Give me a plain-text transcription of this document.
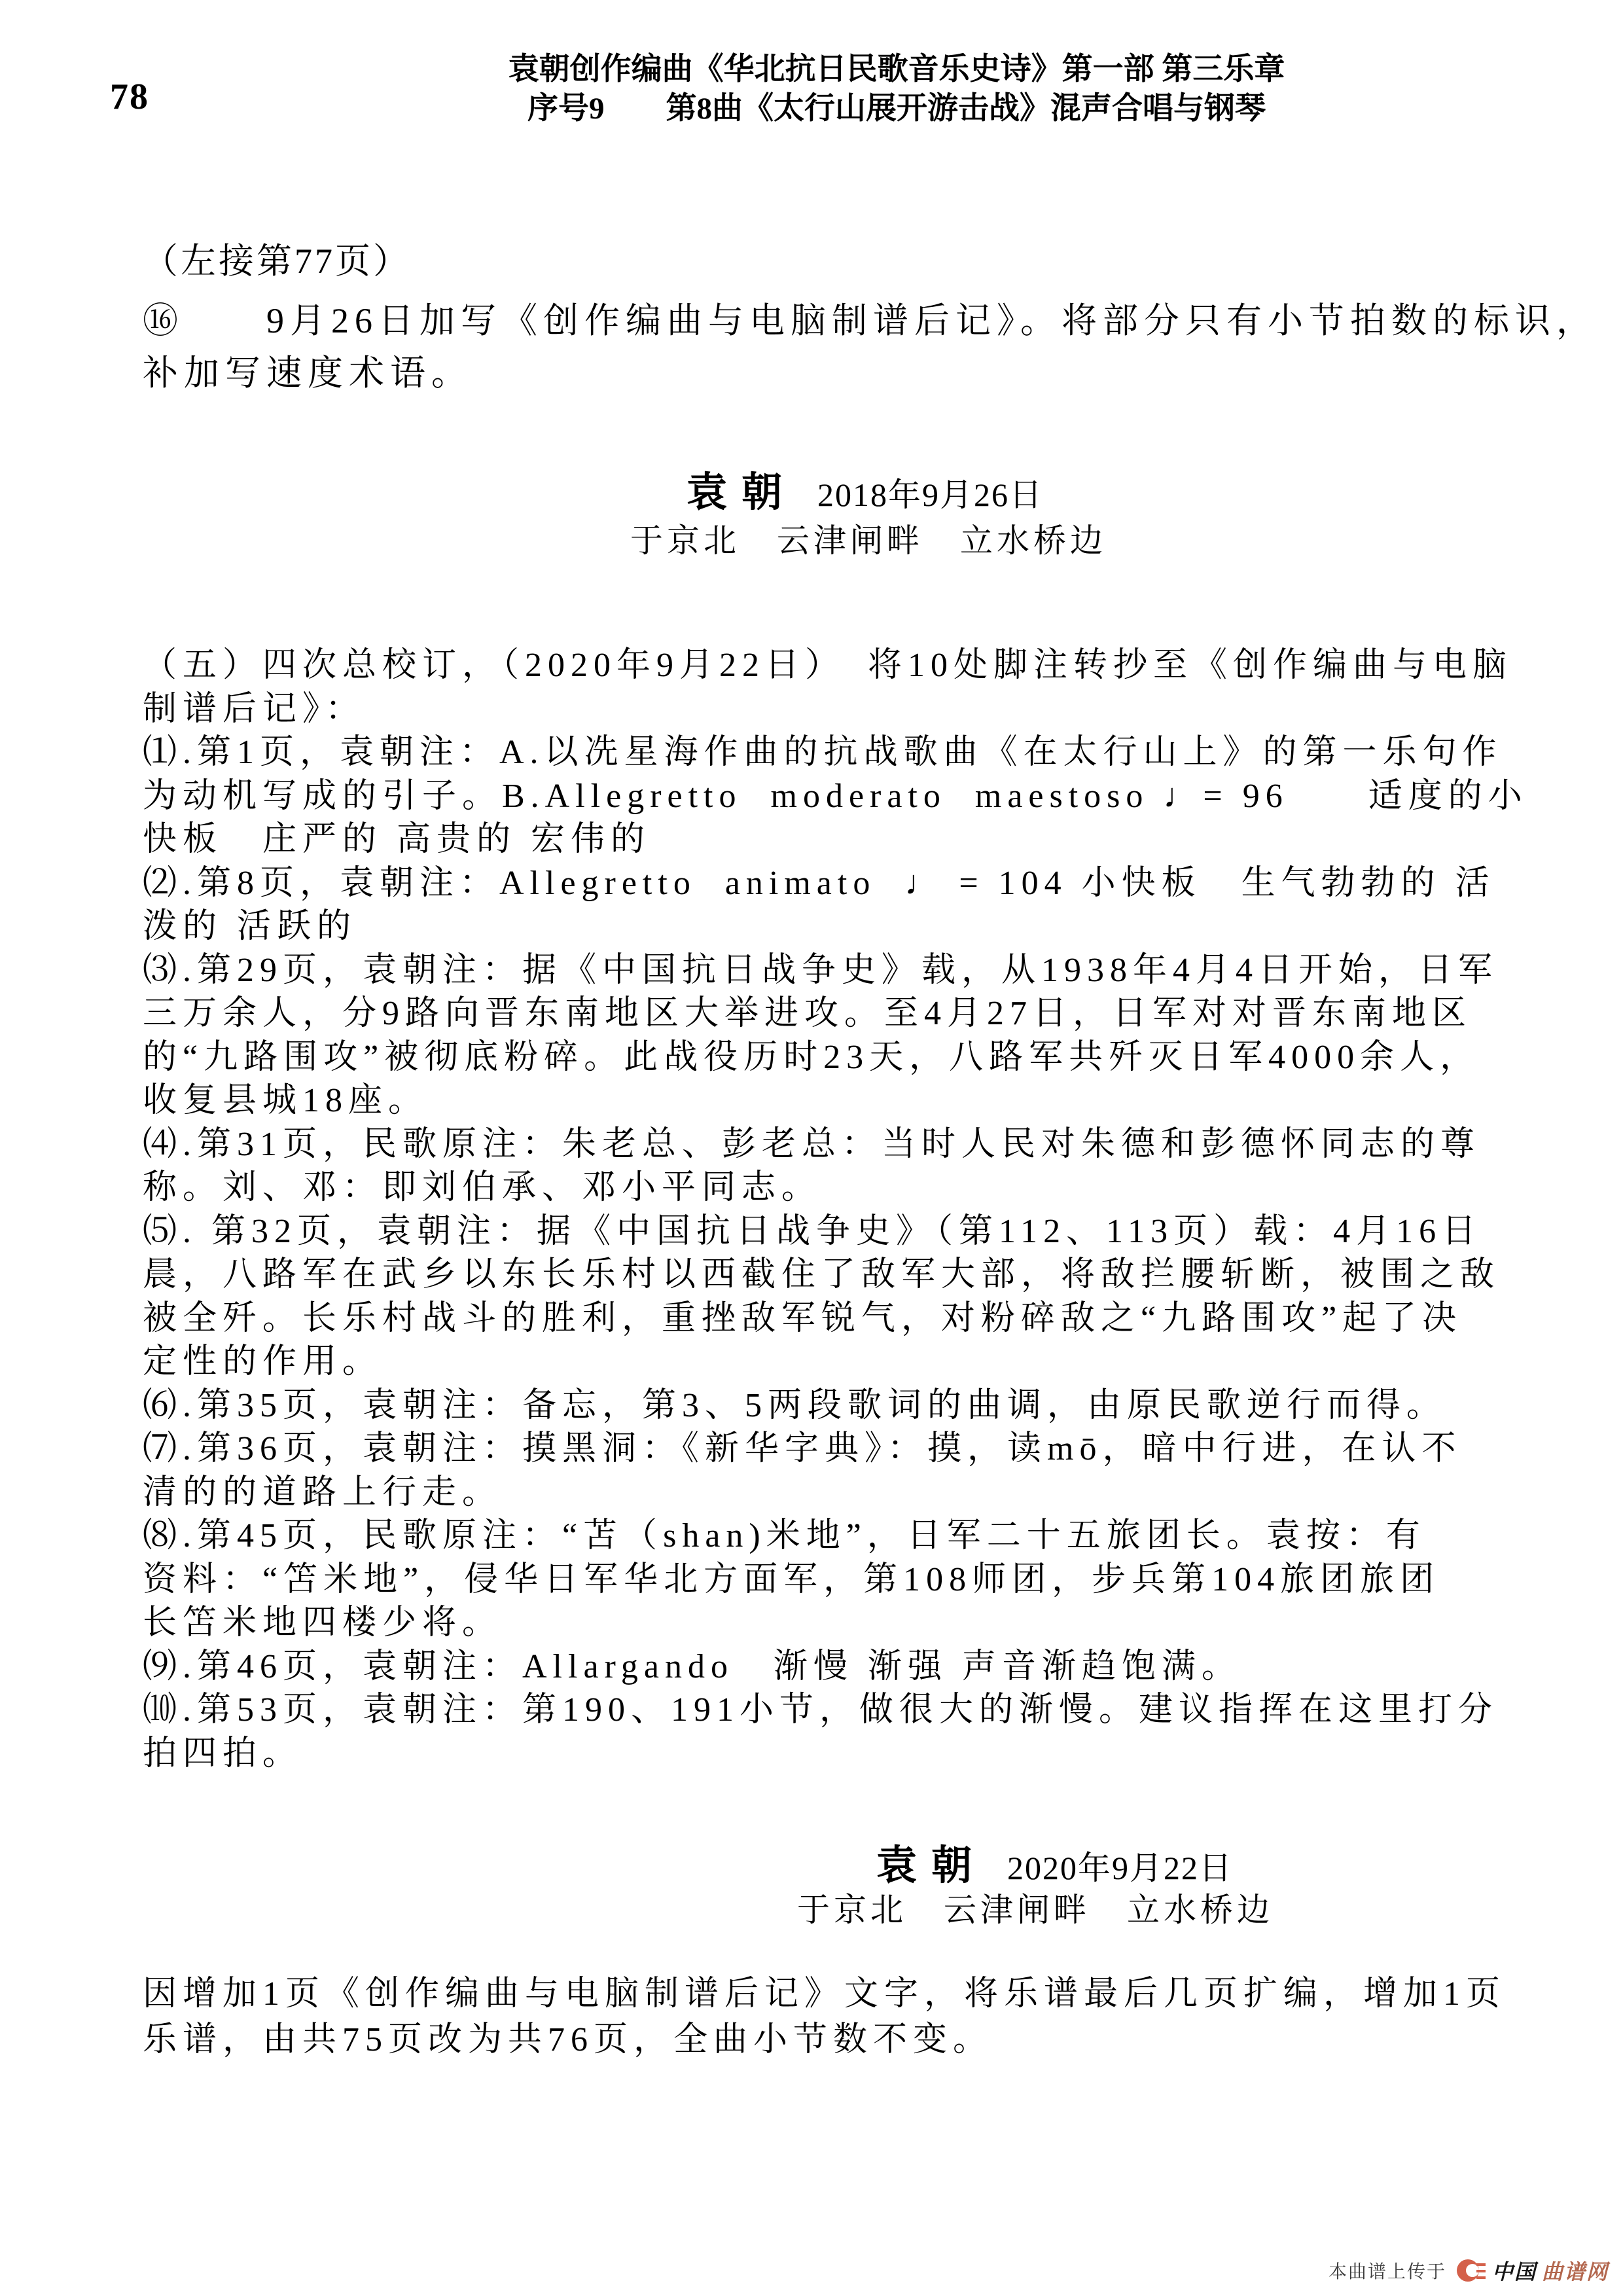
78
袁朝创作编曲《华北抗日民歌音乐史诗》第一部 第三乐章
序号9　　第8曲《太行山展开游击战》混声合唱与钢琴
（左接第77页）
⑯　　9月26日加写《创作编曲与电脑制谱后记》。将部分只有小节拍数的标识，
补加写速度术语。
袁朝 2018年9月26日
于京北　云津闸畔　立水桥边
（五）四次总校订，（2020年9月22日）　将10处脚注转抄至《创作编曲与电脑
制谱后记》：
⑴.第1页，袁朝注：A.以冼星海作曲的抗战歌曲《在太行山上》的第一乐句作
为动机写成的引子。B.Allegretto  moderato  maestoso ♩= 96　　适度的小
快板　庄严的 高贵的 宏伟的
⑵.第8页，袁朝注：Allegretto  animato  ♩ = 104 小快板　生气勃勃的 活
泼的 活跃的
⑶.第29页，袁朝注：据《中国抗日战争史》载，从1938年4月4日开始，日军
三万余人，分9路向晋东南地区大举进攻。至4月27日，日军对对晋东南地区
的“九路围攻”被彻底粉碎。此战役历时23天，八路军共歼灭日军4000余人，
收复县城18座。
⑷.第31页，民歌原注：朱老总、彭老总：当时人民对朱德和彭德怀同志的尊
称。刘、邓：即刘伯承、邓小平同志。
⑸. 第32页，袁朝注：据《中国抗日战争史》（第112、113页）载：4月16日
晨，八路军在武乡以东长乐村以西截住了敌军大部，将敌拦腰斩断，被围之敌
被全歼。长乐村战斗的胜利，重挫敌军锐气，对粉碎敌之“九路围攻”起了决
定性的作用。
⑹.第35页，袁朝注：备忘，第3、5两段歌词的曲调，由原民歌逆行而得。
⑺.第36页，袁朝注：摸黑洞：《新华字典》：摸，读mō，暗中行进，在认不
清的的道路上行走。
⑻.第45页，民歌原注：“苫（shan)米地”，日军二十五旅团长。袁按：有
资料：“笘米地”，侵华日军华北方面军，第108师团，步兵第104旅团旅团
长笘米地四楼少将。
⑼.第46页，袁朝注：Allargando　渐慢 渐强 声音渐趋饱满。
⑽.第53页，袁朝注：第190、191小节，做很大的渐慢。建议指挥在这里打分
拍四拍。
袁朝 2020年9月22日
于京北　云津闸畔　立水桥边
因增加1页《创作编曲与电脑制谱后记》文字，将乐谱最后几页扩编，增加1页
乐谱，由共75页改为共76页，全曲小节数不变。
本曲谱上传于 中国 曲谱网
